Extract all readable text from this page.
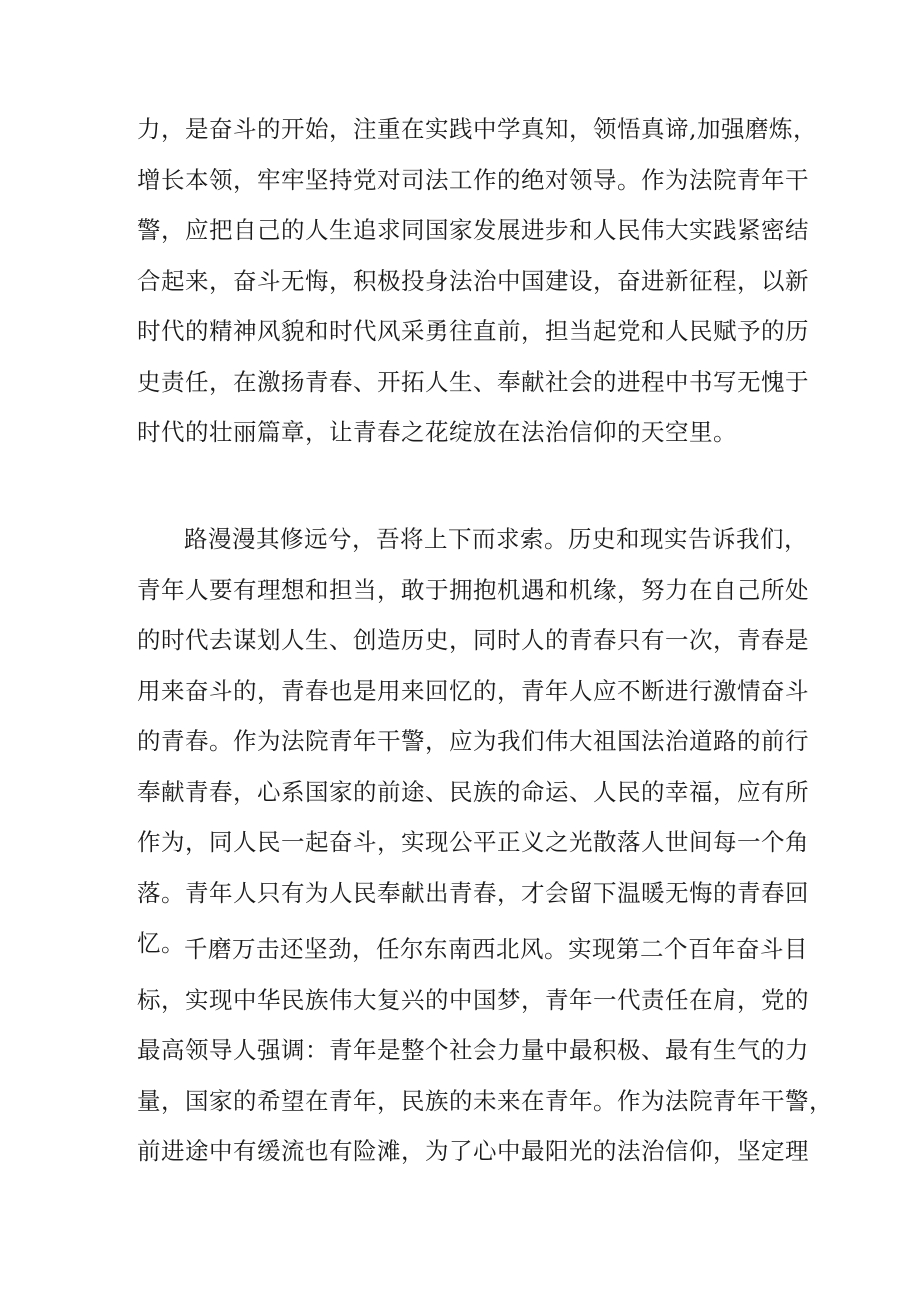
力，是奋斗的开始，注重在实践中学真知，领悟真谛,加强磨炼，
增长本领，牢牢坚持党对司法工作的绝对领导。作为法院青年干
警，应把自己的人生追求同国家发展进步和人民伟大实践紧密结
合起来，奋斗无悔，积极投身法治中国建设，奋进新征程，以新
时代的精神风貌和时代风采勇往直前，担当起党和人民赋予的历
史责任，在激扬青春、开拓人生、奉献社会的进程中书写无愧于
时代的壮丽篇章，让青春之花绽放在法治信仰的天空里。
路漫漫其修远兮，吾将上下而求索。历史和现实告诉我们，
青年人要有理想和担当，敢于拥抱机遇和机缘，努力在自己所处
的时代去谋划人生、创造历史，同时人的青春只有一次，青春是
用来奋斗的，青春也是用来回忆的，青年人应不断进行激情奋斗
的青春。作为法院青年干警，应为我们伟大祖国法治道路的前行
奉献青春，心系国家的前途、民族的命运、人民的幸福，应有所
作为，同人民一起奋斗，实现公平正义之光散落人世间每一个角
落。青年人只有为人民奉献出青春，才会留下温暖无悔的青春回
忆。 千磨万击还坚劲，任尔东南西北风。实现第二个百年奋斗目
标，实现中华民族伟大复兴的中国梦，青年一代责任在肩，党的
最高领导人强调：青年是整个社会力量中最积极、最有生气的力
量，国家的希望在青年，民族的未来在青年。作为法院青年干警，
前进途中有缓流也有险滩，为了心中最阳光的法治信仰，坚定理
